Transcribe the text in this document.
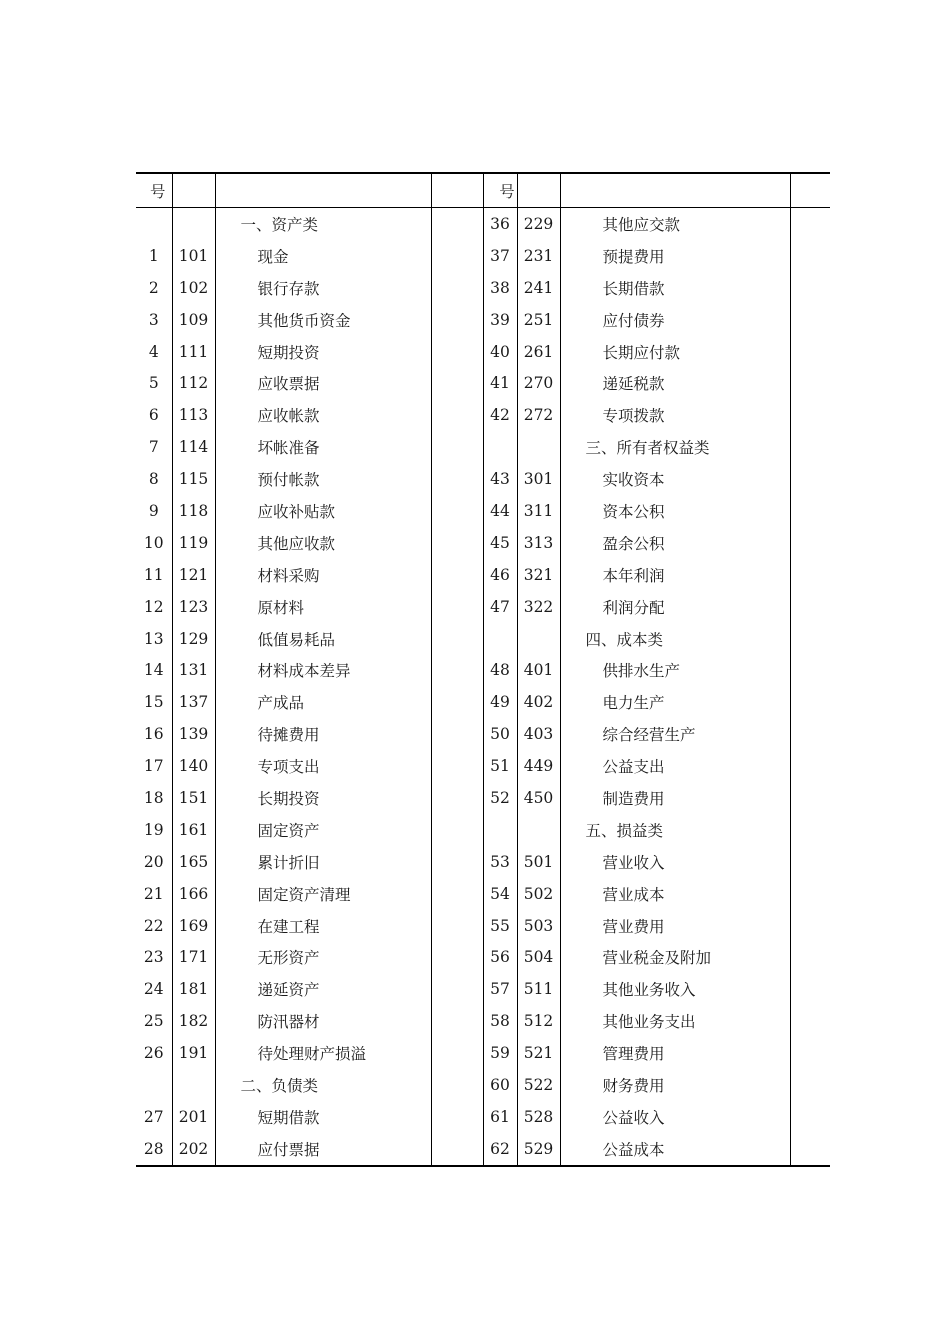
号				号			
		一、资产类		36	229	其他应交款	
1	101	现金		37	231	预提费用	
2	102	银行存款		38	241	长期借款	
3	109	其他货币资金		39	251	应付债券	
4	111	短期投资		40	261	长期应付款	
5	112	应收票据		41	270	递延税款	
6	113	应收帐款		42	272	专项拨款	
7	114	坏帐准备				三、所有者权益类	
8	115	预付帐款		43	301	实收资本	
9	118	应收补贴款		44	311	资本公积	
10	119	其他应收款		45	313	盈余公积	
11	121	材料采购		46	321	本年利润	
12	123	原材料		47	322	利润分配	
13	129	低值易耗品				四、成本类	
14	131	材料成本差异		48	401	供排水生产	
15	137	产成品		49	402	电力生产	
16	139	待摊费用		50	403	综合经营生产	
17	140	专项支出		51	449	公益支出	
18	151	长期投资		52	450	制造费用	
19	161	固定资产				五、损益类	
20	165	累计折旧		53	501	营业收入	
21	166	固定资产清理		54	502	营业成本	
22	169	在建工程		55	503	营业费用	
23	171	无形资产		56	504	营业税金及附加	
24	181	递延资产		57	511	其他业务收入	
25	182	防汛器材		58	512	其他业务支出	
26	191	待处理财产损溢		59	521	管理费用	
		二、负债类		60	522	财务费用	
27	201	短期借款		61	528	公益收入	
28	202	应付票据		62	529	公益成本	
